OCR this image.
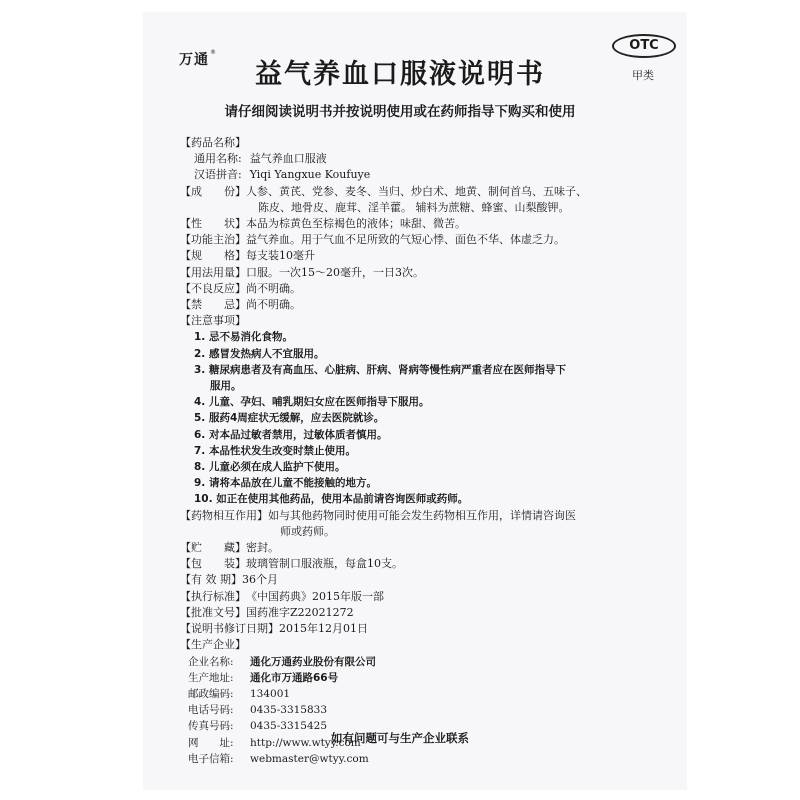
万通®
益气养血口服液说明书
OTC
甲类
请仔细阅读说明书并按说明使用或在药师指导下购买和使用
【药品名称】
通用名称: 益气养血口服液
汉语拼音: Yiqi Yangxue Koufuye
【成　　份】 人参、黄芪、党参、麦冬、当归、炒白术、地黄、制何首乌、五味子、
陈皮、地骨皮、鹿茸、淫羊藿。 辅料为蔗糖、蜂蜜、山梨酸钾。
【性　　状】 本品为棕黄色至棕褐色的液体；味甜、微苦。
【功能主治】 益气养血。用于气血不足所致的气短心悸、面色不华、体虚乏力。
【规　　格】 每支装10毫升
【用法用量】 口服。一次15～20毫升，一日3次。
【不良反应】 尚不明确。
【禁　　忌】 尚不明确。
【注意事项】
1. 忌不易消化食物。
2. 感冒发热病人不宜服用。
3. 糖尿病患者及有高血压、心脏病、肝病、肾病等慢性病严重者应在医师指导下
服用。
4. 儿童、孕妇、哺乳期妇女应在医师指导下服用。
5. 服药4周症状无缓解，应去医院就诊。
6. 对本品过敏者禁用，过敏体质者慎用。
7. 本品性状发生改变时禁止使用。
8. 儿童必须在成人监护下使用。
9. 请将本品放在儿童不能接触的地方。
10. 如正在使用其他药品，使用本品前请咨询医师或药师。
【药物相互作用】 如与其他药物同时使用可能会发生药物相互作用，详情请咨询医
师或药师。
【贮　　藏】 密封。
【包　　装】 玻璃管制口服液瓶，每盒10支。
【有 效 期】 36个月
【执行标准】 《中国药典》2015年版一部
【批准文号】 国药准字Z22021272
【说明书修订日期】 2015年12月01日
【生产企业】
企业名称:	通化万通药业股份有限公司
生产地址:	通化市万通路66号
邮政编码:	134001
电话号码:	0435-3315833
传真号码:	0435-3315425
网　　址:	http://www.wtyy.com
电子信箱:	webmaster@wtyy.com
如有问题可与生产企业联系
